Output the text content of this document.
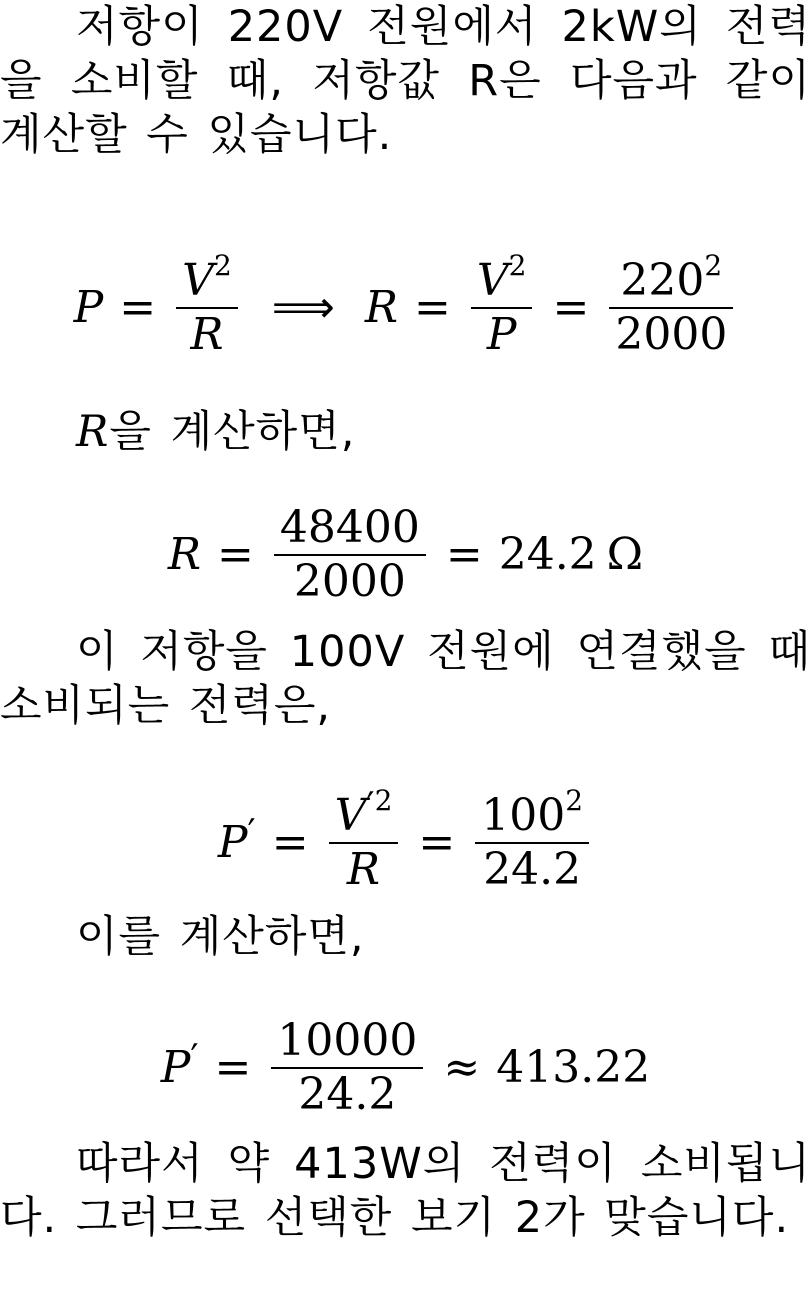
저항이 220V 전원에서 2kW의 전력을 소비할 때, 저항값 R은 다음과 같이 계산할 수 있습니다.

$P = \frac{V^2}{R}$ ⟹ $R = \frac{V^2}{P} = \frac{220^2}{2000}$

R을 계산하면,

$R = \frac{48400}{2000} = 24.2$ Ω

이 저항을 100V 전원에 연결했을 때 소비되는 전력은,

$P' = \frac{V^{'2}}{R} = \frac{100^2}{24.2}$

이를 계산하면,

$P' = \frac{10000}{24.2} \approx 413.22$

따라서 약 413W의 전력이 소비됩니다. 그러므로 선택한 보기 2가 맞습니다.
